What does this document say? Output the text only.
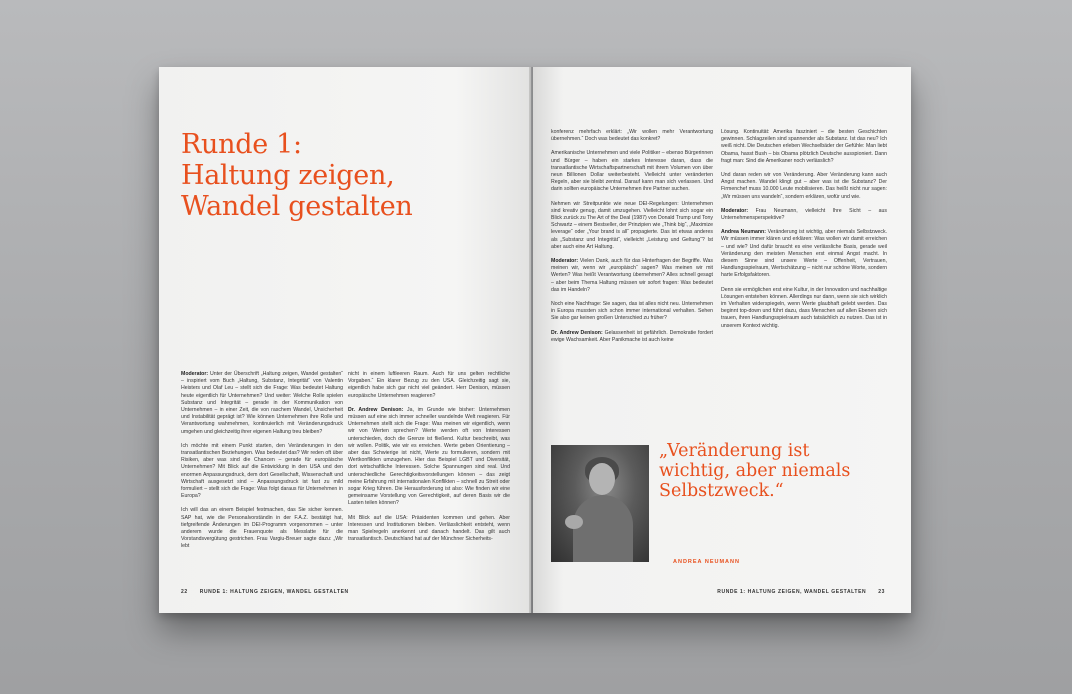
Runde 1:
Haltung zeigen,
Wandel gestalten

Moderator: Unter der Überschrift „Haltung zeigen, Wandel gestalten“ – inspiriert vom Buch „Haltung, Substanz, Integrität“ von Valentin Heisters und Olaf Leu – stellt sich die Frage: Was bedeutet Haltung heute eigentlich für Unternehmen? Und weiter: Welche Rolle spielen Substanz und Integrität – gerade in der Kommunikation von Unternehmen – in einer Zeit, die von raschem Wandel, Unsicherheit und Instabilität geprägt ist? Wie können Unternehmen ihre Rolle und Verantwortung wahrnehmen, kontinuierlich mit Veränderungsdruck umgehen und gleichzeitig ihrer eigenen Haltung treu bleiben?

Ich möchte mit einem Punkt starten, den Veränderungen in den transatlantischen Beziehungen. Was bedeutet das? Wir reden oft über Risiken, aber was sind die Chancen – gerade für europäische Unternehmen? Mit Blick auf die Entwicklung in den USA und den enormen Anpassungsdruck, dem dort Gesellschaft, Wissenschaft und Wirtschaft ausgesetzt sind – Anpassungsdruck ist fast zu mild formuliert – stellt sich die Frage: Was folgt daraus für Unternehmen in Europa?

Ich will das an einem Beispiel festmachen, das Sie sicher kennen. SAP hat, wie die Personalvorständin in der F.A.Z. bestätigt hat, tiefgreifende Änderungen im DEI-Programm vorgenommen – unter anderem wurde die Frauenquote als Messlatte für die Vorstandsvergütung gestrichen. Frau Vargiu-Breuer sagte dazu: „Wir lebt

nicht in einem luftleeren Raum. Auch für uns gelten rechtliche Vorgaben.“ Ein klarer Bezug zu den USA. Gleichzeitig sagt sie, eigentlich habe sich gar nicht viel geändert. Herr Denison, müssen europäische Unternehmen reagieren?

Dr. Andrew Denison: Ja, im Grunde wie bisher: Unternehmen müssen auf eine sich immer schneller wandelnde Welt reagieren. Für Unternehmen stellt sich die Frage: Was meinen wir eigentlich, wenn wir von Werten sprechen? Werte werden oft von Interessen unterschieden, doch die Grenze ist fließend. Kultur beschreibt, was wir wollen. Politik, wie wir es erreichen. Werte geben Orientierung – aber das Schwierige ist nicht, Werte zu formulieren, sondern mit Wertkonflikten umzugehen. Hier das Beispiel LGBT und Diversität, dort wirtschaftliche Interessen. Solche Spannungen sind real. Und unterschiedliche Gerechtigkeitsvorstellungen können – das zeigt meine Erfahrung mit internationalen Konflikten – schnell zu Streit oder sogar Krieg führen. Die Herausforderung ist also: Wie finden wir eine gemeinsame Vorstellung von Gerechtigkeit, auf deren Basis wir die Lasten teilen können?

Mit Blick auf die USA: Präsidenten kommen und gehen. Aber Interessen und Institutionen bleiben. Verlässlichkeit entsteht, wenn man Spielregeln anerkennt und danach handelt. Das gilt auch transatlantisch. Deutschland hat auf der Münchner Sicherheits-

22 RUNDE 1: HALTUNG ZEIGEN, WANDEL GESTALTEN

konferenz mehrfach erklärt: „Wir wollen mehr Verantwortung übernehmen.“ Doch was bedeutet das konkret?

Amerikanische Unternehmen und viele Politiker – ebenso Bürgerinnen und Bürger – haben ein starkes Interesse daran, dass die transatlantische Wirtschaftspartnerschaft mit ihrem Volumen von über neun Billionen Dollar weiterbesteht. Vielleicht unter veränderten Regeln, aber sie bleibt zentral. Darauf kann man sich verlassen. Und darin sollten europäische Unternehmen ihre Partner suchen.

Nehmen wir Streitpunkte wie neue DEI-Regelungen: Unternehmen sind kreativ genug, damit umzugehen. Vielleicht lohnt sich sogar ein Blick zurück zu The Art of the Deal (1987) von Donald Trump und Tony Schwartz – einem Bestseller, der Prinzipien wie „Think big“, „Maximize leverage“ oder „Your brand is all“ propagierte. Das ist etwas anderes als „Substanz und Integrität“, vielleicht „Leistung und Geltung“? Ist aber auch eine Art Haltung.

Moderator: Vielen Dank, auch für das Hinterfragen der Begriffe. Was meinen wir, wenn wir „europäisch“ sagen? Was meinen wir mit Werten? Was heißt Verantwortung übernehmen? Alles schnell gesagt – aber beim Thema Haltung müssen wir sofort fragen: Was bedeutet das im Handeln?

Noch eine Nachfrage: Sie sagen, das ist alles nicht neu. Unternehmen in Europa mussten sich schon immer international verhalten. Sehen Sie also gar keinen großen Unterschied zu früher?

Dr. Andrew Denison: Gelassenheit ist gefährlich. Demokratie fordert ewige Wachsamkeit. Aber Panikmache ist auch keine

Lösung. Kontinuität: Amerika fasziniert – die besten Geschichten gewinnen. Schlagzeilen sind spannender als Substanz. Ist das neu? Ich weiß nicht. Die Deutschen erleben Wechselbäder der Gefühle: Man liebt Obama, hasst Bush – bis Obama plötzlich Deutsche ausspioniert. Dann fragt man: Sind die Amerikaner noch verlässlich?

Und daran reden wir von Veränderung. Aber Veränderung kann auch Angst machen. Wandel klingt gut – aber was ist die Substanz? Der Firmenchef muss 10.000 Leute mobilisieren. Das heißt nicht nur sagen: „Wir müssen uns wandeln“, sondern erklären, wofür und wie.

Moderator: Frau Neumann, vielleicht Ihre Sicht – aus Unternehmensperspektive?

Andrea Neumann: Veränderung ist wichtig, aber niemals Selbstzweck. Wir müssen immer klären und erklären: Was wollen wir damit erreichen – und wie? Und dafür braucht es eine verlässliche Basis, gerade weil Veränderung den meisten Menschen erst einmal Angst macht. In diesem Sinne sind unsere Werte – Offenheit, Vertrauen, Handlungsspielraum, Wertschätzung – nicht nur schöne Worte, sondern harte Erfolgsfaktoren.

Denn sie ermöglichen erst eine Kultur, in der Innovation und nachhaltige Lösungen entstehen können. Allerdings nur dann, wenn sie sich wirklich im Verhalten widerspiegeln, wenn Werte glaubhaft gelebt werden. Das beginnt top-down und führt dazu, dass Menschen auf allen Ebenen sich trauen, ihren Handlungsspielraum auch tatsächlich zu nutzen. Das ist in unserem Kontext wichtig.

„Veränderung ist
wichtig, aber niemals
Selbstzweck.“
ANDREA NEUMANN
RUNDE 1: HALTUNG ZEIGEN, WANDEL GESTALTEN 23
